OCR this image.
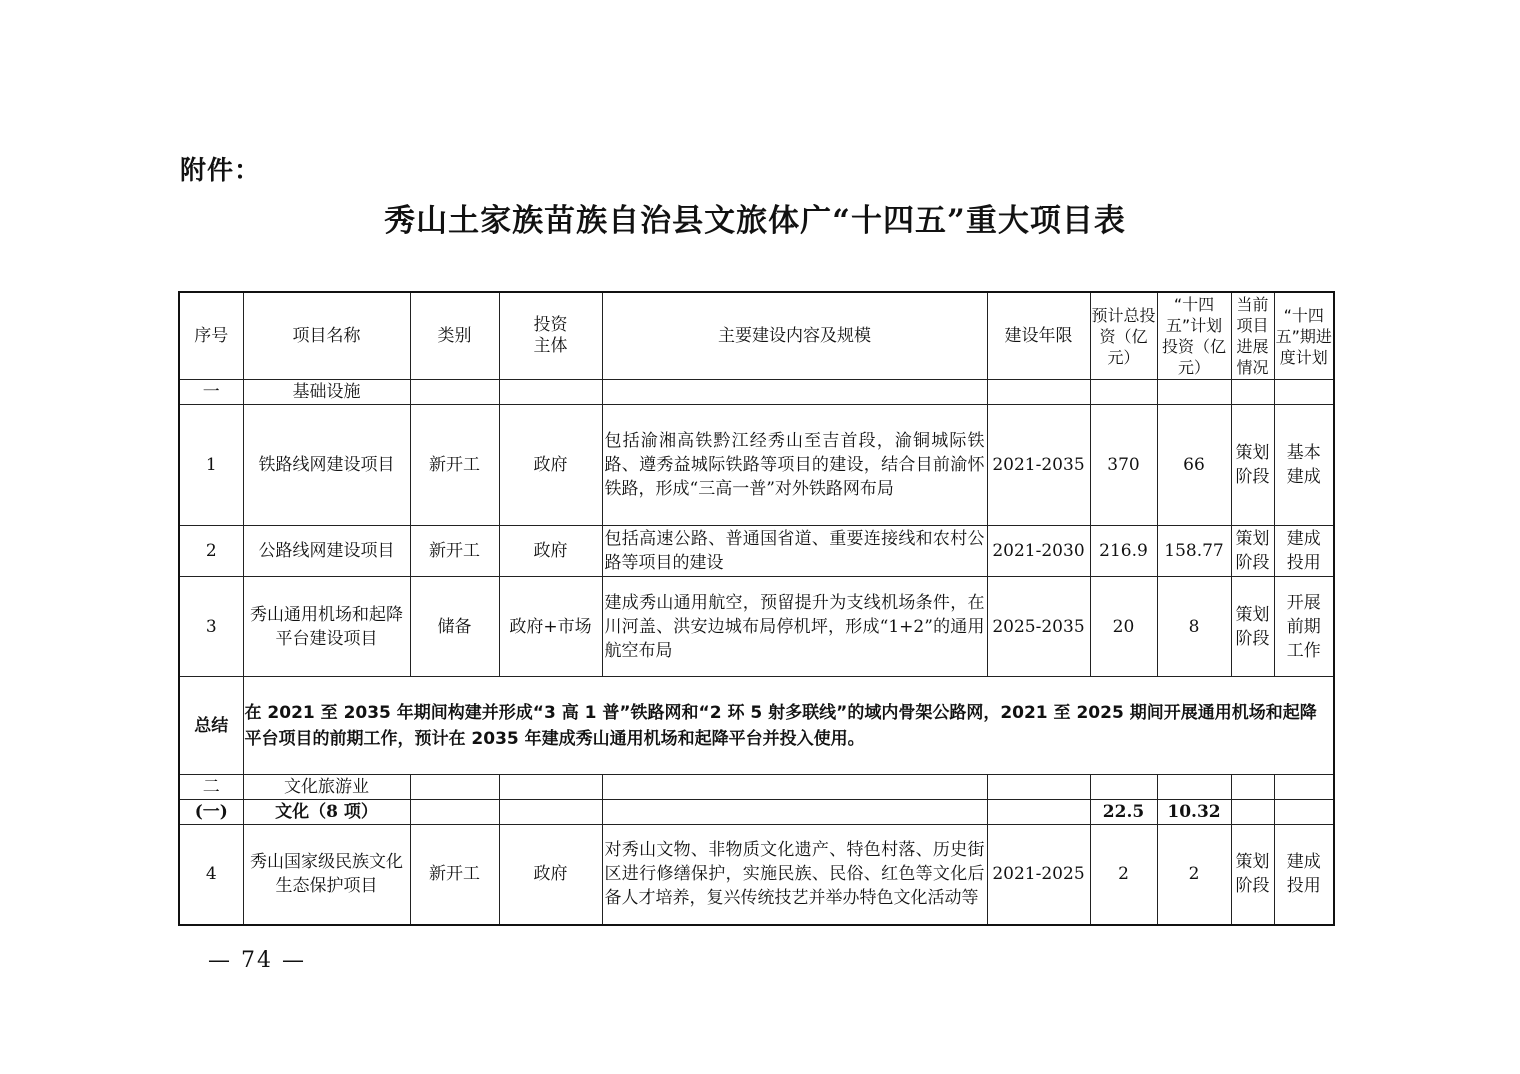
附件：
秀山土家族苗族自治县文旅体广“十四五”重大项目表
序号	项目名称	类别	投资主体	主要建设内容及规模	建设年限	预计总投资（亿元）	“十四五”计划投资（亿元）	当前项目进展情况	“十四五”期进度计划
一	基础设施								
1	铁路线网建设项目	新开工	政府	包括渝湘高铁黔江经秀山至吉首段，渝铜城际铁路、遵秀益城际铁路等项目的建设，结合目前渝怀铁路，形成“三高一普”对外铁路网布局	2021-2035	370	66	策划阶段	基本建成
2	公路线网建设项目	新开工	政府	包括高速公路、普通国省道、重要连接线和农村公路等项目的建设	2021-2030	216.9	158.77	策划阶段	建成投用
3	秀山通用机场和起降平台建设项目	储备	政府+市场	建成秀山通用航空，预留提升为支线机场条件，在川河盖、洪安边城布局停机坪，形成“1+2”的通用航空布局	2025-2035	20	8	策划阶段	开展前期工作
总结	在 2021 至 2035 年期间构建并形成“3 高 1 普”铁路网和“2 环 5 射多联线”的域内骨架公路网，2021 至 2025 期间开展通用机场和起降平台项目的前期工作，预计在 2035 年建成秀山通用机场和起降平台并投入使用。								
二	文化旅游业								
(一)	文化（8 项）					22.5	10.32		
4	秀山国家级民族文化生态保护项目	新开工	政府	对秀山文物、非物质文化遗产、特色村落、历史街区进行修缮保护，实施民族、民俗、红色等文化后备人才培养，复兴传统技艺并举办特色文化活动等	2021-2025	2	2	策划阶段	建成投用
— 74 —
